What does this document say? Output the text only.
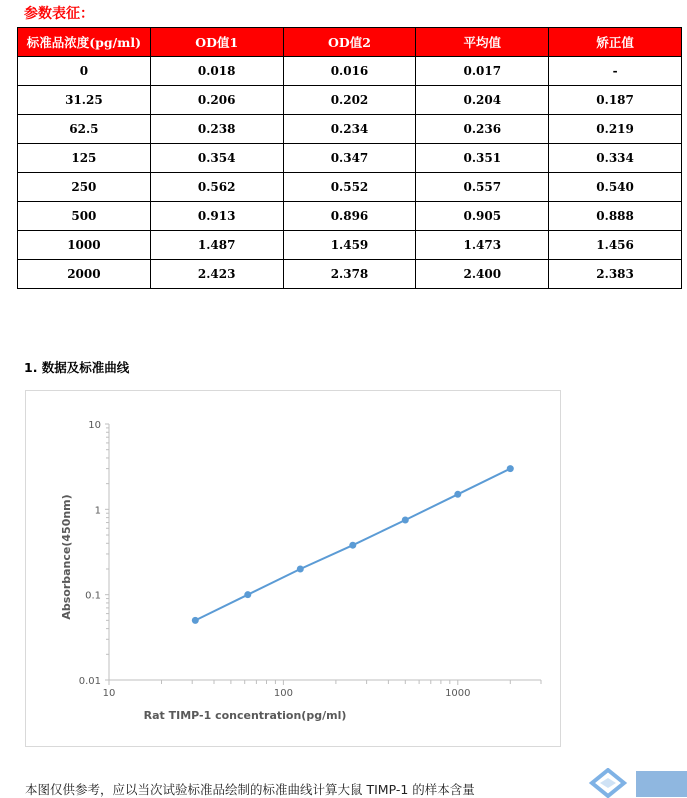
参数表征：
标准品浓度(pg/ml)	OD值1	OD值2	平均值	矫正值
0	0.018	0.016	0.017	-
31.25	0.206	0.202	0.204	0.187
62.5	0.238	0.234	0.236	0.219
125	0.354	0.347	0.351	0.334
250	0.562	0.552	0.557	0.540
500	0.913	0.896	0.905	0.888
1000	1.487	1.459	1.473	1.456
2000	2.423	2.378	2.400	2.383
1. 数据及标准曲线
10
1
0.1
0.01
10	100	1000
Rat TIMP-1 concentration(pg/ml)
Absorbance(450nm)

本图仅供参考，应以当次试验标准品绘制的标准曲线计算大鼠 TIMP-1 的样本含量
